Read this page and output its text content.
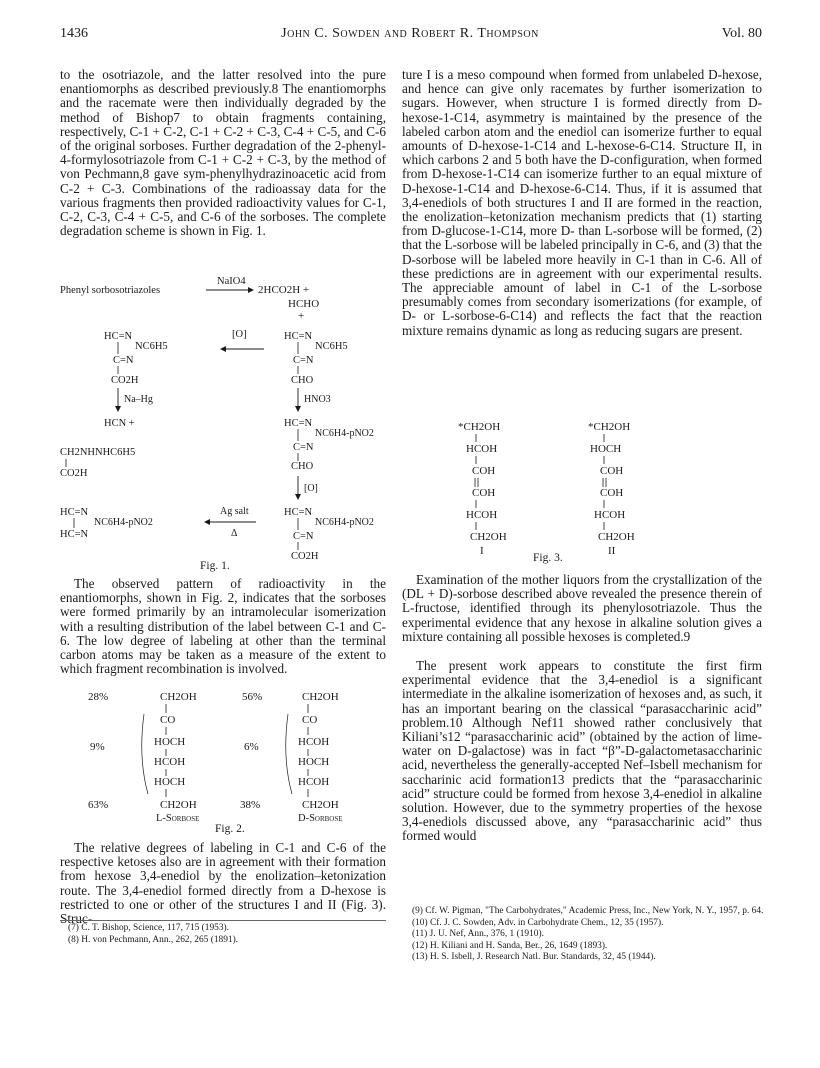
1436	John C. Sowden and Robert R. Thompson	Vol. 80

to the osotriazole, and the latter resolved into the pure enantiomorphs as described previously.8 The enantiomorphs and the racemate were then individually degraded by the method of Bishop7 to obtain fragments containing, respectively, C-1 + C-2, C-1 + C-2 + C-3, C-4 + C-5, and C-6 of the original sorboses. Further degradation of the 2-phenyl-4-formylosotriazole from C-1 + C-2 + C-3, by the method of von Pechmann,8 gave sym-phenylhydrazinoacetic acid from C-2 + C-3. Combinations of the radioassay data for the various fragments then provided radioactivity values for C-1, C-2, C-3, C-4 + C-5, and C-6 of the sorboses. The complete degradation scheme is shown in Fig. 1.

Phenyl sorbosotriazoles
NaIO4
2HCO2H +
HCHO
+
HC=N
NC6H5
C=N
CO2H
[O]	HC=N
NC6H5
C=N
CHO
Na–Hg
HCN +
HNO3
HC=N
NC6H4-pNO2
C=N
CHO
CH2NHNHC6H5
CO2H
[O]
HC=N
NC6H4-pNO2
HC=N
Ag salt
Δ
HC=N
NC6H4-pNO2
C=N
CO2H
Fig. 1.

The observed pattern of radioactivity in the enantiomorphs, shown in Fig. 2, indicates that the sorboses were formed primarily by an intramolecular isomerization with a resulting distribution of the label between C-1 and C-6. The low degree of labeling at other than the terminal carbon atoms may be taken as a measure of the extent to which fragment recombination is involved.

28%
9%
63%
CH2OH
CO
HOCH
HCOH
HOCH
CH2OH
L-Sorbose
56%
6%
38%
CH2OH
CO
HCOH
HOCH
HCOH
CH2OH
D-Sorbose
Fig. 2.

The relative degrees of labeling in C-1 and C-6 of the respective ketoses also are in agreement with their formation from hexose 3,4-enediol by the enolization–ketonization route. The 3,4-enediol formed directly from a D-hexose is restricted to one or other of the structures I and II (Fig. 3). Struc-

(7) C. T. Bishop, Science, 117, 715 (1953).
(8) H. von Pechmann, Ann., 262, 265 (1891).

ture I is a meso compound when formed from unlabeled D-hexose, and hence can give only racemates by further isomerization to sugars. However, when structure I is formed directly from D-hexose-1-C14, asymmetry is maintained by the presence of the labeled carbon atom and the enediol can isomerize further to equal amounts of D-hexose-1-C14 and L-hexose-6-C14. Structure II, in which carbons 2 and 5 both have the D-configuration, when formed from D-hexose-1-C14 can isomerize further to an equal mixture of D-hexose-1-C14 and D-hexose-6-C14. Thus, if it is assumed that 3,4-enediols of both structures I and II are formed in the reaction, the enolization–ketonization mechanism predicts that (1) starting from D-glucose-1-C14, more D- than L-sorbose will be formed, (2) that the L-sorbose will be labeled principally in C-6, and (3) that the D-sorbose will be labeled more heavily in C-1 than in C-6. All of these predictions are in agreement with our experimental results. The appreciable amount of label in C-1 of the L-sorbose presumably comes from secondary isomerizations (for example, of D- or L-sorbose-6-C14) and reflects the fact that the reaction mixture remains dynamic as long as reducing sugars are present.

*CH2OH
HCOH
COH
COH
HCOH
CH2OH
I
*CH2OH
HOCH
COH
COH
HCOH
CH2OH
II
Fig. 3.

Examination of the mother liquors from the crystallization of the (DL + D)-sorbose described above revealed the presence therein of L-fructose, identified through its phenylosotriazole. Thus the experimental evidence that any hexose in alkaline solution gives a mixture containing all possible hexoses is completed.9

The present work appears to constitute the first firm experimental evidence that the 3,4-enediol is a significant intermediate in the alkaline isomerization of hexoses and, as such, it has an important bearing on the classical “parasaccharinic acid” problem.10 Although Nef11 showed rather conclusively that Kiliani’s12 “parasaccharinic acid” (obtained by the action of lime-water on D-galactose) was in fact “β”-D-galactometasaccharinic acid, nevertheless the generally-accepted Nef–Isbell mechanism for saccharinic acid formation13 predicts that the “parasaccharinic acid” structure could be formed from hexose 3,4-enediol in alkaline solution. However, due to the symmetry properties of the hexose 3,4-enediols discussed above, any “parasaccharinic acid” thus formed would

(9) Cf. W. Pigman, "The Carbohydrates," Academic Press, Inc., New York, N. Y., 1957, p. 64.
(10) Cf. J. C. Sowden, Adv. in Carbohydrate Chem., 12, 35 (1957).
(11) J. U. Nef, Ann., 376, 1 (1910).
(12) H. Kiliani and H. Sanda, Ber., 26, 1649 (1893).
(13) H. S. Isbell, J. Research Natl. Bur. Standards, 32, 45 (1944).
